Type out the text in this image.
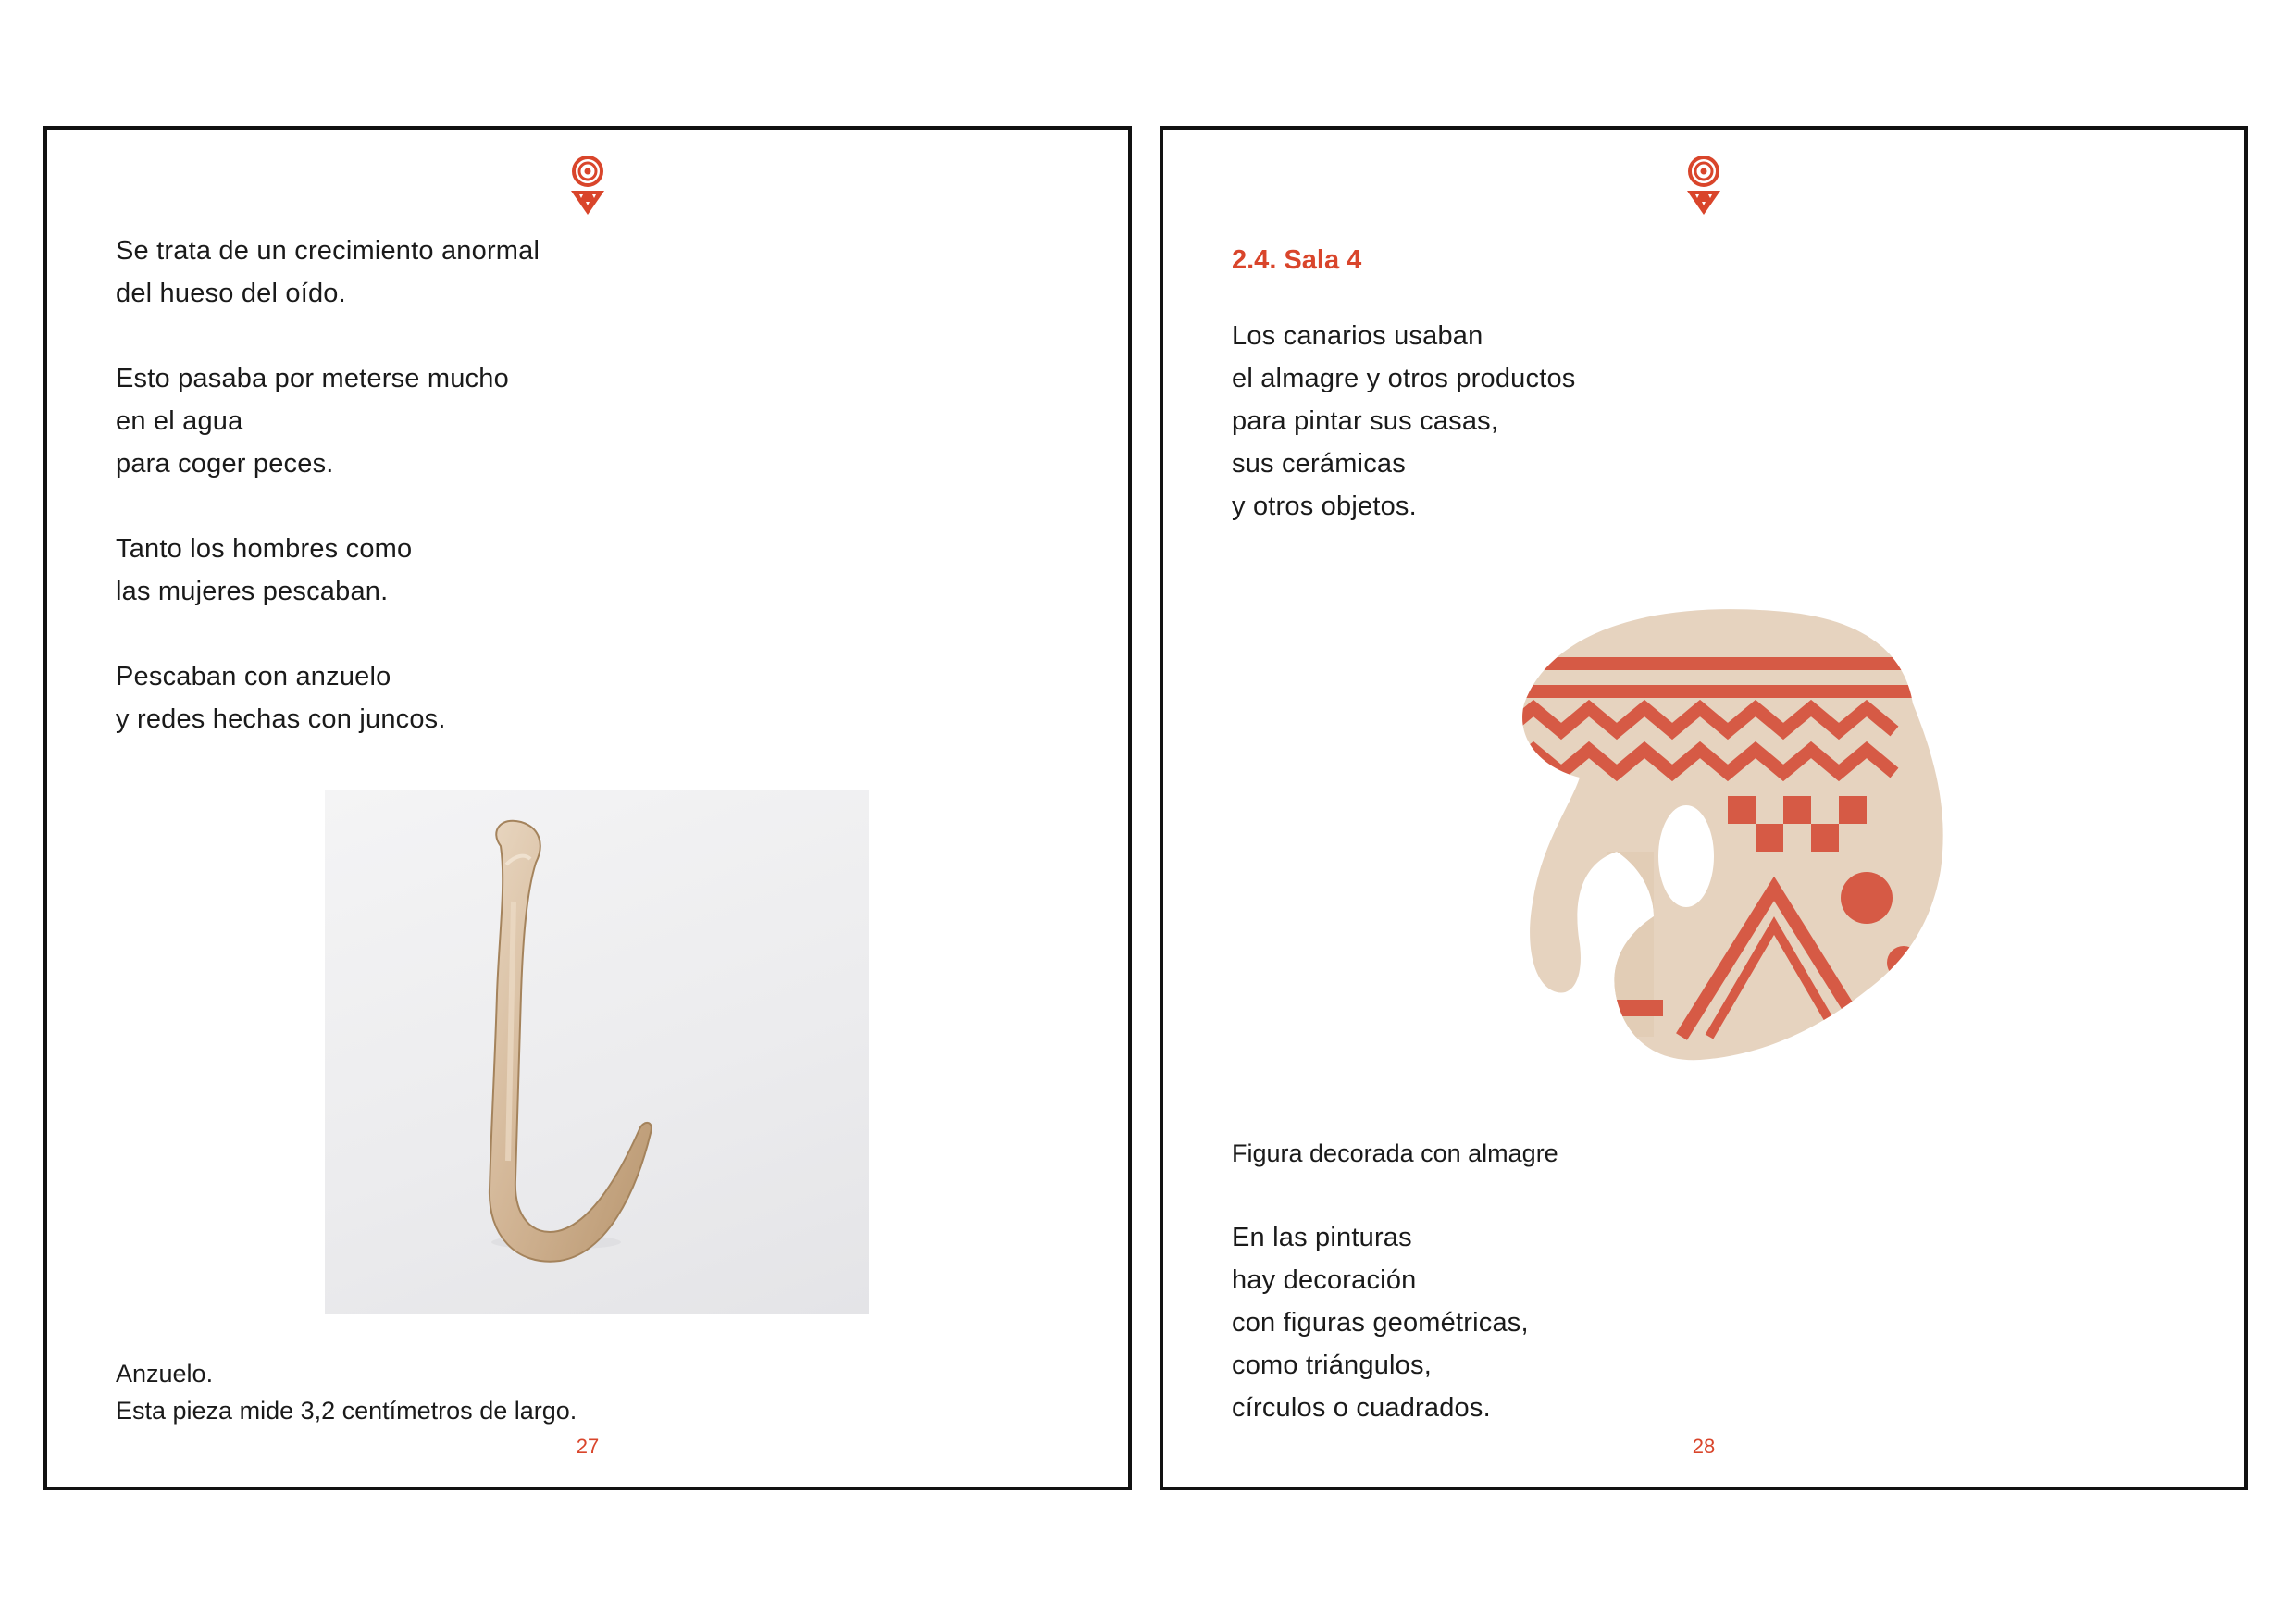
Se trata de un crecimiento anormal
del hueso del oído.
Esto pasaba por meterse mucho
en el agua
para coger peces.
Tanto los hombres como
las mujeres pescaban.
Pescaban con anzuelo
y redes hechas con juncos.
Anzuelo.
Esta pieza mide 3,2 centímetros de largo.
27
2.4. Sala 4
Los canarios usaban
el almagre y otros productos
para pintar sus casas,
sus cerámicas
y otros objetos.
Figura decorada con almagre
En las pinturas
hay decoración
con figuras geométricas,
como triángulos,
círculos o cuadrados.
28
